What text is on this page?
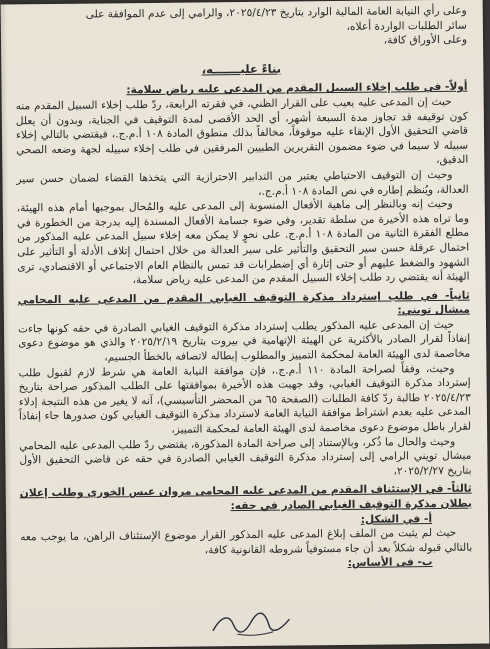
وعلى رأي النيابة العامة المالية الوارد بتاريخ ٢٠٢٥/٤/٢٣، والرامي إلى عدم الموافقة على

سائر الطلبات الواردة أعلاه،

وعلى الأوراق كافة،

بناءً عليـــــــه،

أولاً- في طلب إخلاء السبيل المقدم من المدعى عليه رياض سلامة:

حيث إن المدعى عليه يعيب على القرار الظني، في فقرته الرابعة، ردّ طلب إخلاء السبيل المقدم منه كون توقيفه قد تجاوز مدة السبعة أشهر، أي الحد الأقصى لمدة التوقيف في الجناية، وبدون أن يعلل قاضي التحقيق الأول الإبقاء عليه موقوفاً، مخالفاً بذلك منطوق المادة ١٠٨ أ.م.ج.، فيقتضي بالتالي إخلاء سبيله لا سيما في ضوء مضمون التقريرين الطبيين المرفقين في طلب إخلاء سبيله لجهة وضعه الصحي الدقيق،

وحيث إن التوقيف الاحتياطي يعتبر من التدابير الاحترازية التي يتخذها القضاء لضمان حسن سير العدالة، ويُنظم إطاره في نص المادة ١٠٨ أ.م.ج.،

وحيث إنه وبالنظر إلى ماهية الأفعال المنسوبة إلى المدعى عليه والمُحال بموجبها أمام هذه الهيئة، وما تراه هذه الأخيرة من سلطة تقدير، وفي ضوء جسامة الأفعال المسندة إليه بدرجة من الخطورة في مطلع الفقرة الثانية من المادة ١٠٨ أ.م.ج. على نحوٍ لا يمكن معه إخلاء سبيل المدعى عليه المذكور من احتمال عرقلة حسن سير التحقيق والتأثير على سير العدالة من خلال احتمال إتلاف الأدلة أو التأثير على الشهود والضغط عليهم أو حتى إثارة أي إضطرابات قد تمس بالنظام العام الاجتماعي أو الاقتصادي، ترى الهيئة أنه يقتضي رد طلب إخلاء السبيل المقدم من المدعى عليه رياض سلامة،

ثانياً- في طلب إسترداد مذكرة التوقيف الغيابي المقدم من المدعى عليه المحامي ميشال تويني:

حيث إن المدعى عليه المذكور يطلب إسترداد مذكرة التوقيف الغيابي الصادرة في حقه كونها جاءت إنفاذاً لقرار الصادر بالأكثرية عن الهيئة الإتهامية في بيروت بتاريخ ٢٠٢٥/٢/١٩ والذي هو موضوع دعوى مخاصمة لدى الهيئة العامة لمحكمة التمييز والمطلوب إبطاله لاتصافه بالخطأ الجسيم،

وحيث، وفقاً لصراحة المادة ١١٠ أ.م.ج.، فإن موافقة النيابة العامة هي شرط لازم لقبول طلب إسترداد مذكرة التوقيف الغيابي، وقد جهبت هذه الأخيرة بموافقتها على الطلب المذكور صراحة بتاريخ ٢٠٢٥/٤/٢٣ طالبة ردّ كافة الطلبات (الصفحة ٦٥ من المحضر التأسيسي)، آنه لا يغير من هذه النتيجة إدلاء المدعى عليه بعدم اشتراط موافقة النيابة العامة لاسترداد مذكرة التوقيف الغيابي كون صدورها جاء إنفاذاً لقرار باطل موضوع دعوى مخاصمة لدى الهيئة العامة لمحكمة التمييز،

وحيث والحال ما ذُكر، وبالإستناد إلى صراحة المادة المذكورة، يقتضي ردّ طلب المدعى عليه المحامي ميشال تويني الرامي إلى إسترداد مذكرة التوقيف الغيابي الصادرة في حقه عن قاضي التحقيق الأول بتاريخ ٢٠٢٥/٢/٢٧،

ثالثاً- في الإستئناف المقدم من المدعى عليه المحامي مروان عيس الخوري وطلب إعلان بطلان مذكرة التوقيف الغيابي الصادر في حقه:

أ- في الشكل:

حيث لم يثبت من الملف إبلاغ المدعى عليه المذكور القرار موضوع الإستئناف الراهن، ما يوجب معه بالتالي قبوله شكلاً بعد أن جاء مستوفياً شروطه القانونية كافة،

ب- في الأساس:
